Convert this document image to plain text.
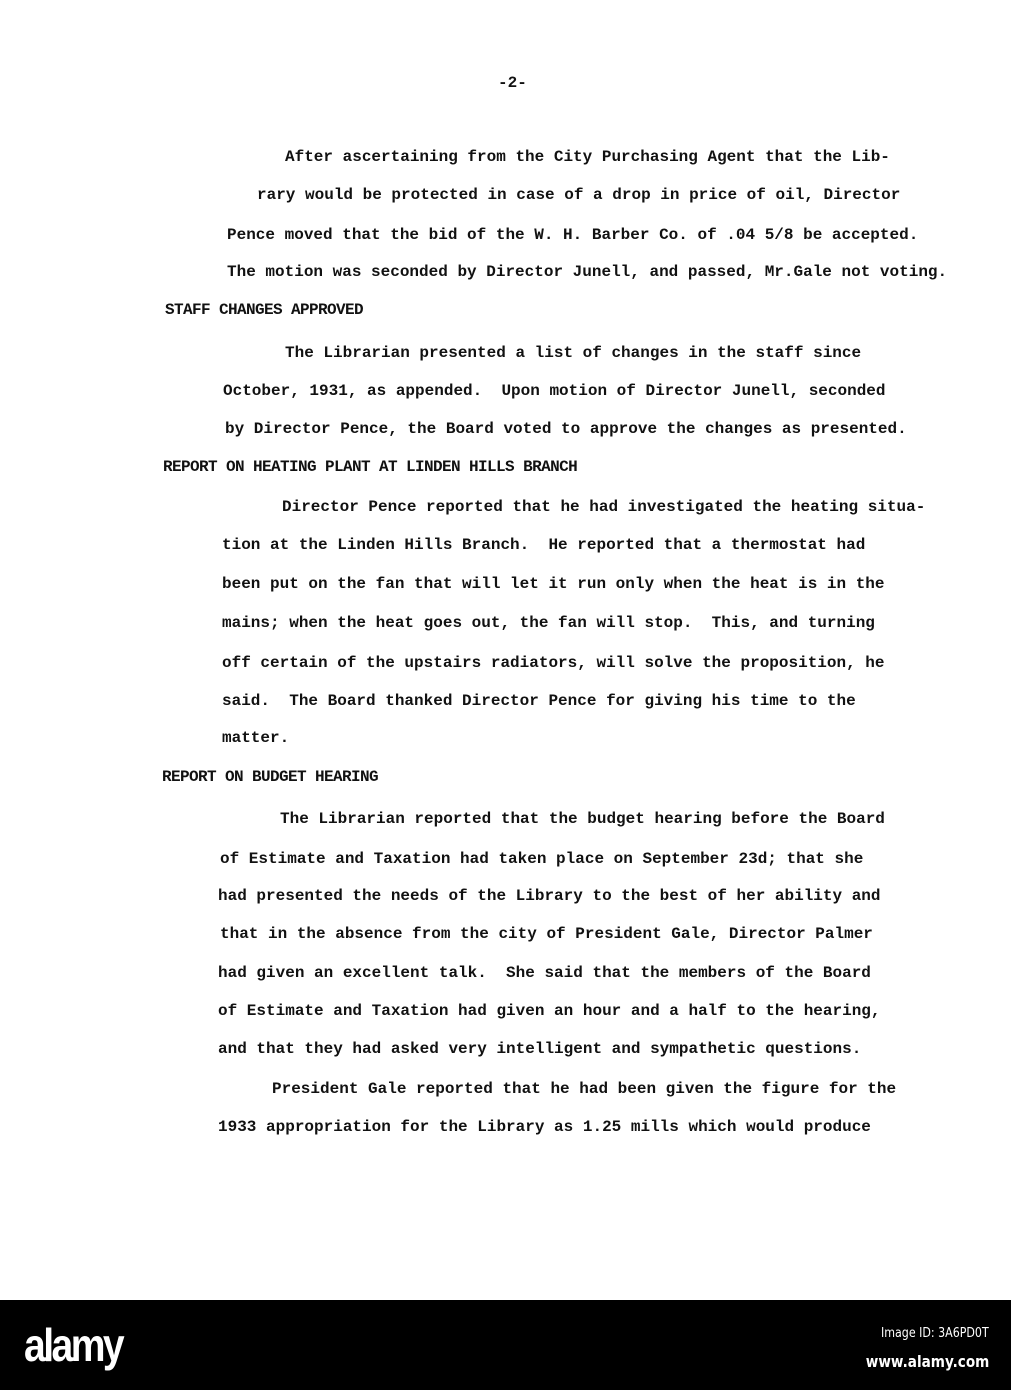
-2-
After ascertaining from the City Purchasing Agent that the Lib-
rary would be protected in case of a drop in price of oil, Director
Pence moved that the bid of the W. H. Barber Co. of .04 5/8 be accepted.
The motion was seconded by Director Junell, and passed, Mr.Gale not voting.
STAFF CHANGES APPROVED
The Librarian presented a list of changes in the staff since
October, 1931, as appended.  Upon motion of Director Junell, seconded
by Director Pence, the Board voted to approve the changes as presented.
REPORT ON HEATING PLANT AT LINDEN HILLS BRANCH
Director Pence reported that he had investigated the heating situa-
tion at the Linden Hills Branch.  He reported that a thermostat had
been put on the fan that will let it run only when the heat is in the
mains; when the heat goes out, the fan will stop.  This, and turning
off certain of the upstairs radiators, will solve the proposition, he
said.  The Board thanked Director Pence for giving his time to the
matter.
REPORT ON BUDGET HEARING
The Librarian reported that the budget hearing before the Board
of Estimate and Taxation had taken place on September 23d; that she
had presented the needs of the Library to the best of her ability and
that in the absence from the city of President Gale, Director Palmer
had given an excellent talk.  She said that the members of the Board
of Estimate and Taxation had given an hour and a half to the hearing,
and that they had asked very intelligent and sympathetic questions.
President Gale reported that he had been given the figure for the
1933 appropriation for the Library as 1.25 mills which would produce
alamy	Image ID: 3A6PD0T
www.alamy.com
